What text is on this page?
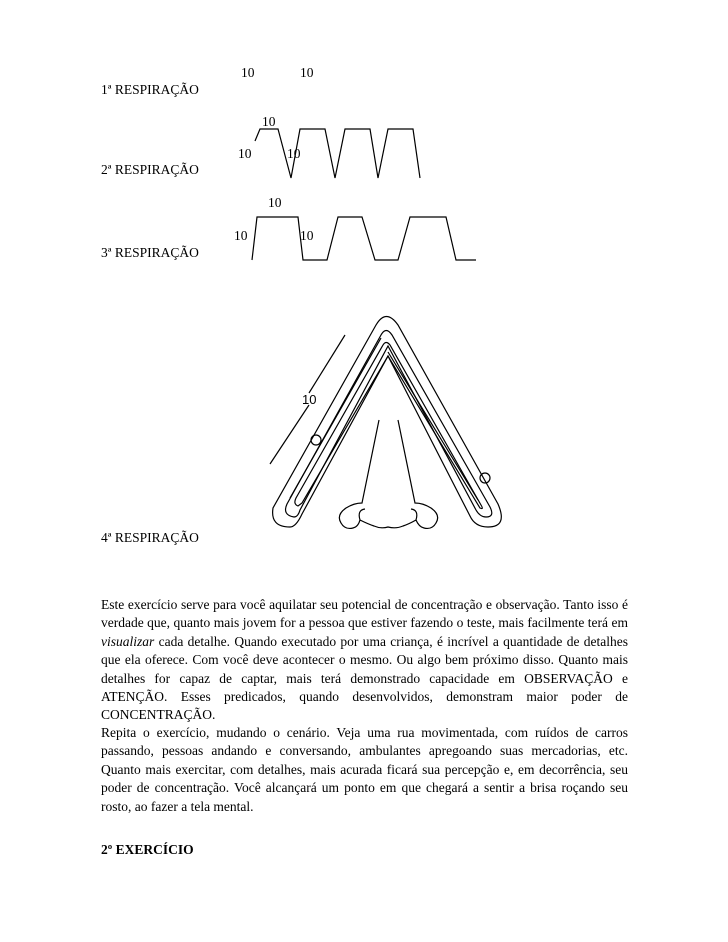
1ª RESPIRAÇÃO
2ª RESPIRAÇÃO
3ª RESPIRAÇÃO
4ª RESPIRAÇÃO
10	10
10
10	10
10
10	10
10

Este exercício serve para você aquilatar seu potencial de concentração e observação. Tanto isso é verdade que, quanto mais jovem for a pessoa que estiver fazendo o teste, mais facilmente terá em visualizar cada detalhe. Quando executado por uma criança, é incrível a quantidade de detalhes que ela oferece. Com você deve acontecer o mesmo. Ou algo bem próximo disso. Quanto mais detalhes for capaz de captar, mais terá demonstrado capacidade em OBSERVAÇÃO e ATENÇÃO. Esses predicados, quando desenvolvidos, demonstram maior poder de CONCENTRAÇÃO.

Repita o exercício, mudando o cenário. Veja uma rua movimentada, com ruídos de carros passando, pessoas andando e conversando, ambulantes apregoando suas mercadorias, etc. Quanto mais exercitar, com detalhes, mais acurada ficará sua percepção e, em decorrência, seu poder de concentração. Você alcançará um ponto em que chegará a sentir a brisa roçando seu rosto, ao fazer a tela mental.

2º EXERCÍCIO
